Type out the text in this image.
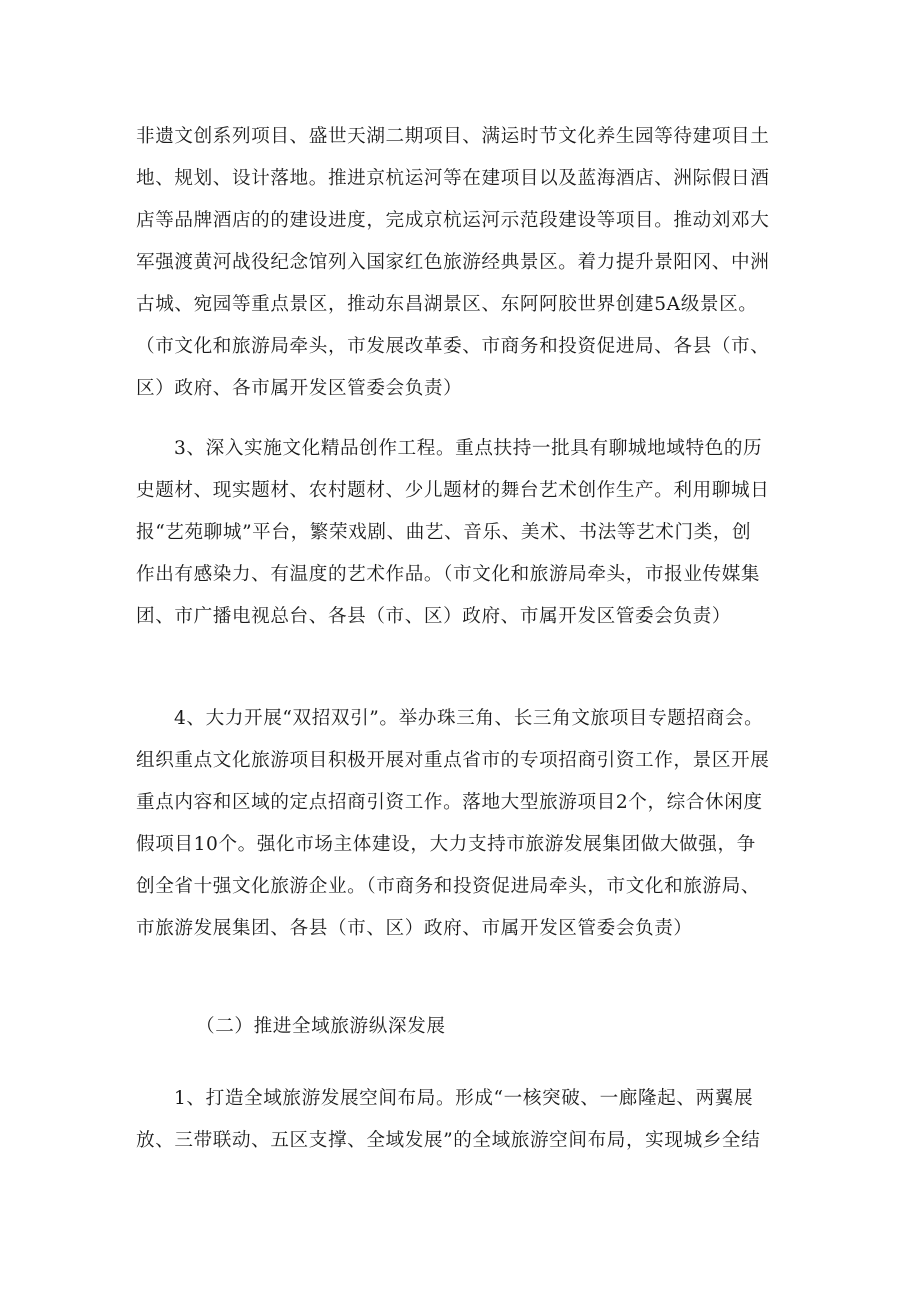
非遗文创系列项目、盛世天湖二期项目、满运时节文化养生园等待建项目土
地、规划、设计落地。推进京杭运河等在建项目以及蓝海酒店、洲际假日酒
店等品牌酒店的的建设进度，完成京杭运河示范段建设等项目。推动刘邓大
军强渡黄河战役纪念馆列入国家红色旅游经典景区。着力提升景阳冈、中洲
古城、宛园等重点景区，推动东昌湖景区、东阿阿胶世界创建5A级景区。
（市文化和旅游局牵头，市发展改革委、市商务和投资促进局、各县（市、
区）政府、各市属开发区管委会负责）
3、深入实施文化精品创作工程。重点扶持一批具有聊城地域特色的历
史题材、现实题材、农村题材、少儿题材的舞台艺术创作生产。利用聊城日
报“艺苑聊城”平台，繁荣戏剧、曲艺、音乐、美术、书法等艺术门类，创
作出有感染力、有温度的艺术作品。（市文化和旅游局牵头，市报业传媒集
团、市广播电视总台、各县（市、区）政府、市属开发区管委会负责）
4、大力开展“双招双引”。举办珠三角、长三角文旅项目专题招商会。
组织重点文化旅游项目积极开展对重点省市的专项招商引资工作，景区开展
重点内容和区域的定点招商引资工作。落地大型旅游项目2个，综合休闲度
假项目10个。强化市场主体建设，大力支持市旅游发展集团做大做强，争
创全省十强文化旅游企业。（市商务和投资促进局牵头，市文化和旅游局、
市旅游发展集团、各县（市、区）政府、市属开发区管委会负责）
（二）推进全域旅游纵深发展
1、打造全域旅游发展空间布局。形成“一核突破、一廊隆起、两翼展
放、三带联动、五区支撑、全域发展”的全域旅游空间布局，实现城乡全结
